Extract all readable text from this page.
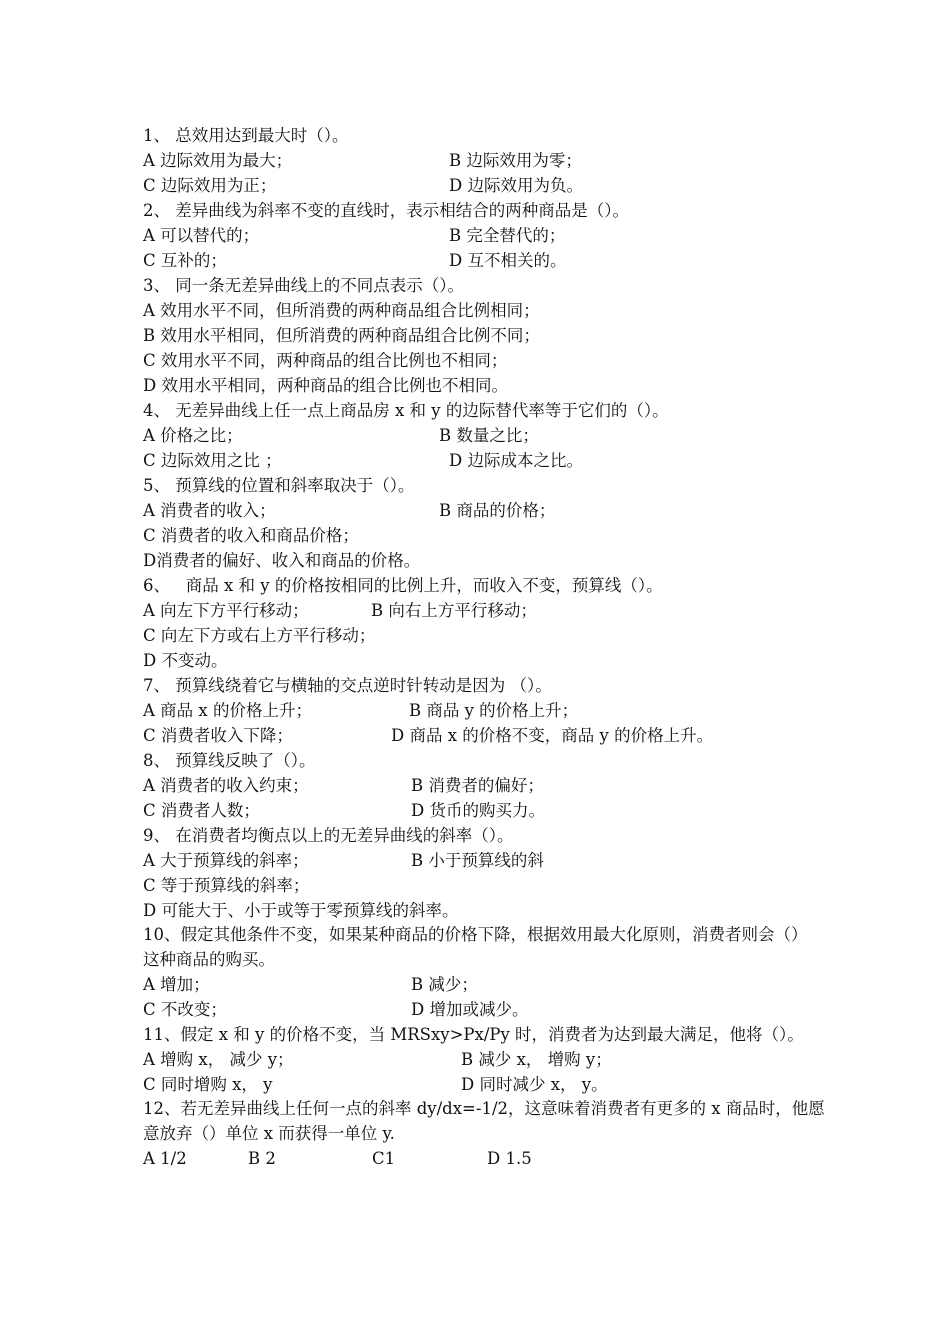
1、 总效用达到最大时（）。
A 边际效用为最大；	B 边际效用为零；
C 边际效用为正；	D 边际效用为负。
2、 差异曲线为斜率不变的直线时，表示相结合的两种商品是（）。
A 可以替代的；	B 完全替代的；
C 互补的；	D 互不相关的。
3、 同一条无差异曲线上的不同点表示（）。
A 效用水平不同，但所消费的两种商品组合比例相同；
B 效用水平相同，但所消费的两种商品组合比例不同；
C 效用水平不同，两种商品的组合比例也不相同；
D 效用水平相同，两种商品的组合比例也不相同。
4、 无差异曲线上任一点上商品房 x 和 y 的边际替代率等于它们的（）。
A 价格之比；	B 数量之比；
C 边际效用之比 ；	D 边际成本之比。
5、 预算线的位置和斜率取决于（）。
A 消费者的收入；	B 商品的价格；
C 消费者的收入和商品价格；
D消费者的偏好、收入和商品的价格。
6、   商品 x 和 y 的价格按相同的比例上升，而收入不变，预算线（）。
A 向左下方平行移动；	B 向右上方平行移动；
C 向左下方或右上方平行移动；
D 不变动。
7、 预算线绕着它与横轴的交点逆时针转动是因为 （）。
A 商品 x 的价格上升；	B 商品 y 的价格上升；
C 消费者收入下降；	D 商品 x 的价格不变，商品 y 的价格上升。
8、 预算线反映了（）。
A 消费者的收入约束；	B 消费者的偏好；
C 消费者人数；	D 货币的购买力。
9、 在消费者均衡点以上的无差异曲线的斜率（）。
A 大于预算线的斜率；	B 小于预算线的斜
C 等于预算线的斜率；
D 可能大于、小于或等于零预算线的斜率。
10、假定其他条件不变，如果某种商品的价格下降，根据效用最大化原则，消费者则会（）
这种商品的购买。
A 增加；	B 减少；
C 不改变；	D 增加或减少。
11、假定 x 和 y 的价格不变，当 MRSxy>Px/Py 时，消费者为达到最大满足，他将（）。
A 增购 x， 减少 y；	B 减少 x， 增购 y；
C 同时增购 x， y	D 同时减少 x， y。
12、若无差异曲线上任何一点的斜率 dy/dx=-1/2，这意味着消费者有更多的 x 商品时，他愿
意放弃（）单位 x 而获得一单位 y.
A 1/2	B 2	C1	D 1.5
